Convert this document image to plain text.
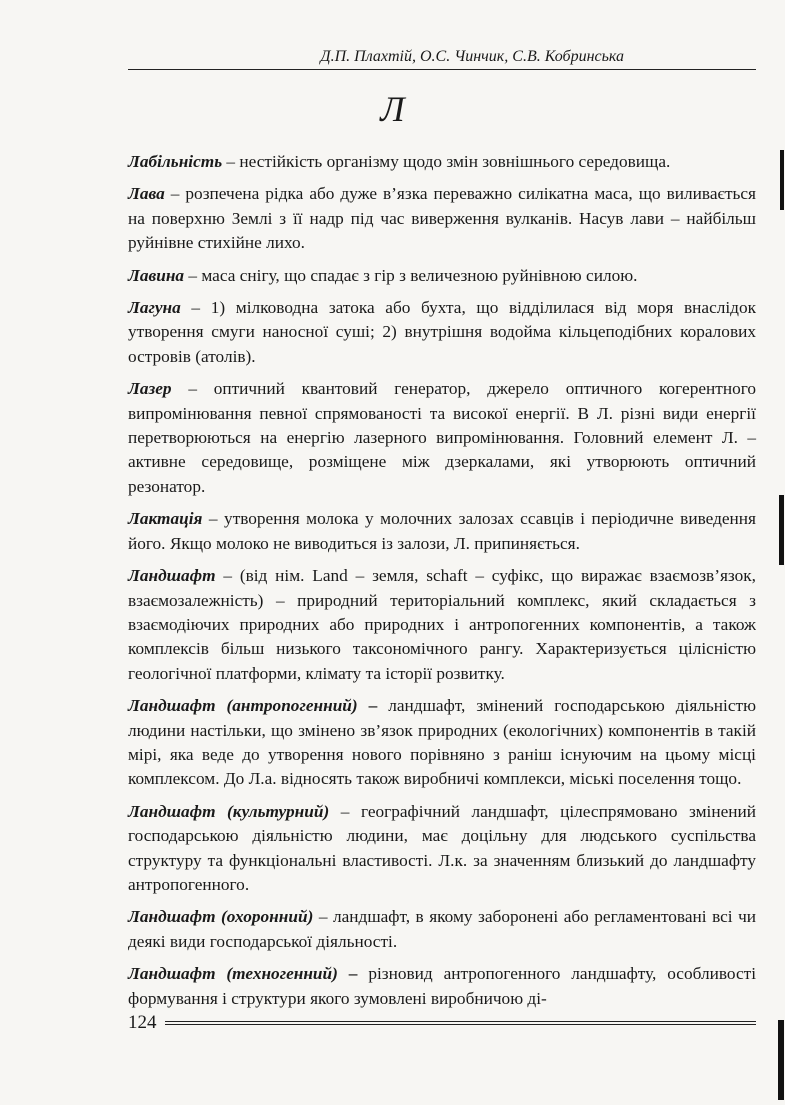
Д.П. Плахтій, О.С. Чинчик, С.В. Кобринська
Л

Лабільність – нестійкість організму щодо змін зовнішнього середовища.

Лава – розпечена рідка або дуже в’язка переважно силікатна маса, що виливається на поверхню Землі з її надр під час виверження вулканів. Насув лави – найбільш руйнівне стихійне лихо.

Лавина – маса снігу, що спадає з гір з величезною руйнівною силою.

Лагуна – 1) мілководна затока або бухта, що відділилася від моря внаслідок утворення смуги наносної суші; 2) внутрішня водойма кільцеподібних коралових островів (атолів).

Лазер – оптичний квантовий генератор, джерело оптичного когерентного випромінювання певної спрямованості та високої енергії. В Л. різні види енергії перетворюються на енергію лазерного випромінювання. Головний елемент Л. – активне середовище, розміщене між дзеркалами, які утворюють оптичний резонатор.

Лактація – утворення молока у молочних залозах ссавців і періодичне виведення його. Якщо молоко не виводиться із залози, Л. припиняється.

Ландшафт – (від нім. Land – земля, schaft – суфікс, що виражає взаємозв’язок, взаємозалежність) – природний територіальний комплекс, який складається з взаємодіючих природних або природних і антропогенних компонентів, а також комплексів більш низького таксономічного рангу. Характеризується цілісністю геологічної платформи, клімату та історії розвитку.

Ландшафт (антропогенний) – ландшафт, змінений господарською діяльністю людини настільки, що змінено зв’язок природних (екологічних) компонентів в такій мірі, яка веде до утворення нового порівняно з раніш існуючим на цьому місці комплексом. До Л.а. відносять також виробничі комплекси, міські поселення тощо.

Ландшафт (культурний) – географічний ландшафт, цілеспрямовано змінений господарською діяльністю людини, має доцільну для людського суспільства структуру та функціональні властивості. Л.к. за значенням близький до ландшафту антропогенного.

Ландшафт (охоронний) – ландшафт, в якому заборонені або регламентовані всі чи деякі види господарської діяльності.

Ландшафт (техногенний) – різновид антропогенного ландшафту, особливості формування і структури якого зумовлені виробничою ді-

124
